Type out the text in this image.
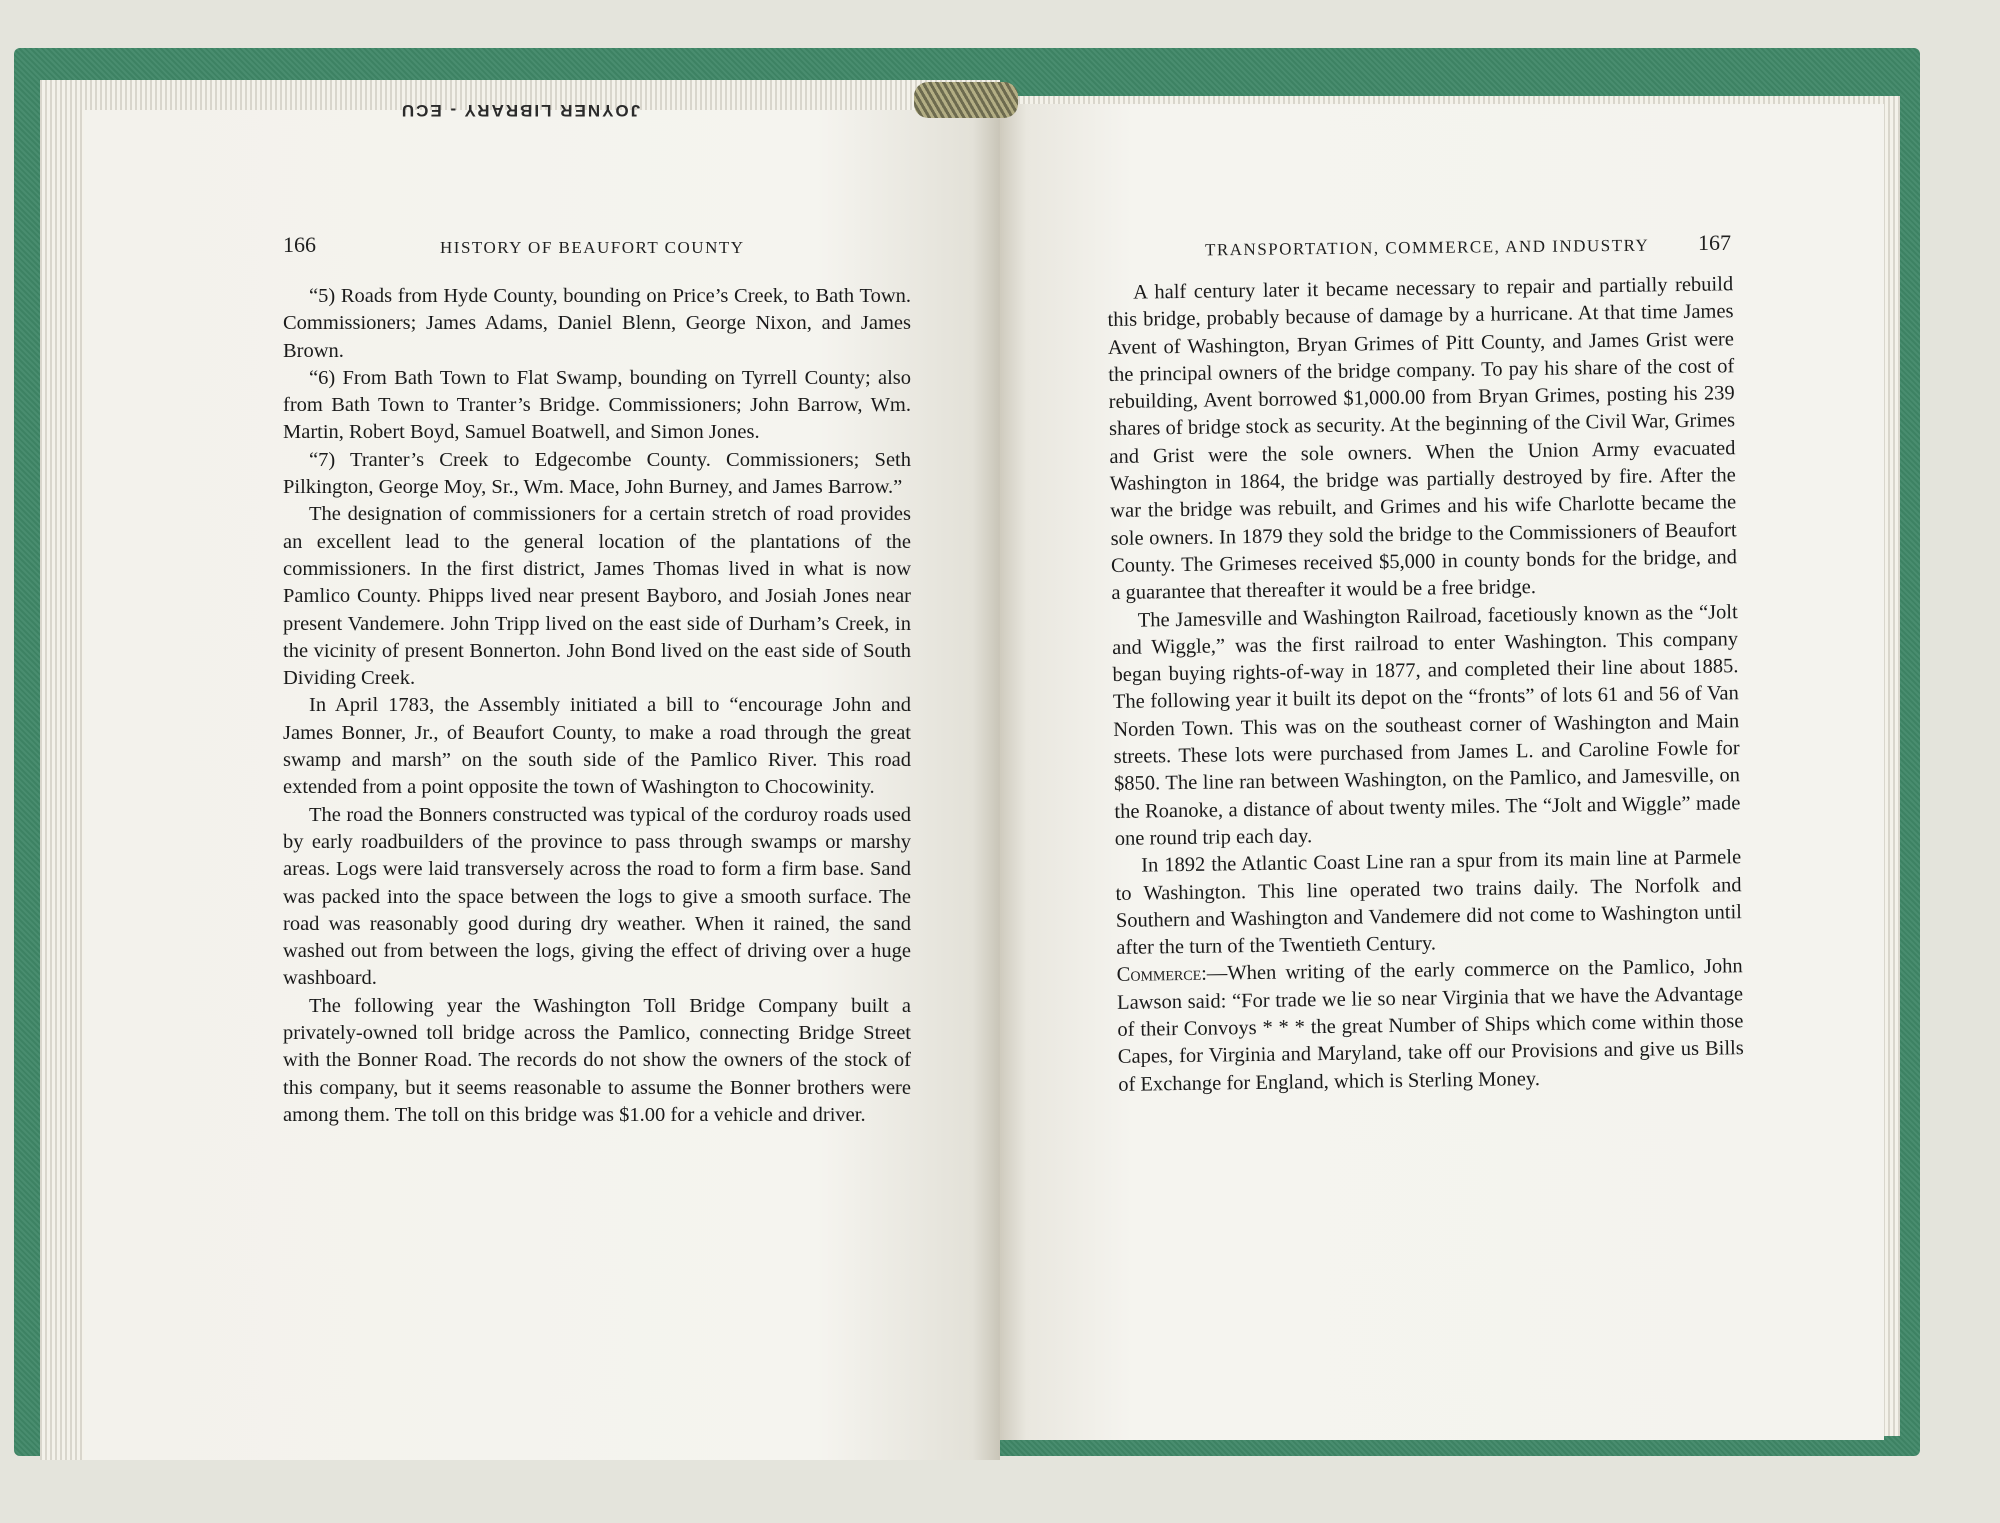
JOYNER LIBRARY - ECU
166	HISTORY OF BEAUFORT COUNTY

“5) Roads from Hyde County, bounding on Price’s Creek, to Bath Town. Commissioners; James Adams, Daniel Blenn, George Nixon, and James Brown.

“6) From Bath Town to Flat Swamp, bounding on Tyrrell County; also from Bath Town to Tranter’s Bridge. Commissioners; John Barrow, Wm. Martin, Robert Boyd, Samuel Boatwell, and Simon Jones.

“7) Tranter’s Creek to Edgecombe County. Commissioners; Seth Pilkington, George Moy, Sr., Wm. Mace, John Burney, and James Barrow.”

The designation of commissioners for a certain stretch of road provides an excellent lead to the general location of the plantations of the commissioners. In the first district, James Thomas lived in what is now Pamlico County. Phipps lived near present Bayboro, and Josiah Jones near present Vandemere. John Tripp lived on the east side of Durham’s Creek, in the vicinity of present Bonnerton. John Bond lived on the east side of South Dividing Creek.

In April 1783, the Assembly initiated a bill to “encourage John and James Bonner, Jr., of Beaufort County, to make a road through the great swamp and marsh” on the south side of the Pamlico River. This road extended from a point opposite the town of Washington to Chocowinity.

The road the Bonners constructed was typical of the corduroy roads used by early roadbuilders of the province to pass through swamps or marshy areas. Logs were laid transversely across the road to form a firm base. Sand was packed into the space between the logs to give a smooth surface. The road was reasonably good during dry weather. When it rained, the sand washed out from between the logs, giving the effect of driving over a huge washboard.

The following year the Washington Toll Bridge Company built a privately-owned toll bridge across the Pamlico, connecting Bridge Street with the Bonner Road. The records do not show the owners of the stock of this company, but it seems reasonable to assume the Bonner brothers were among them. The toll on this bridge was $1.00 for a vehicle and driver.

TRANSPORTATION, COMMERCE, AND INDUSTRY 167

A half century later it became necessary to repair and partially rebuild this bridge, probably because of damage by a hurricane. At that time James Avent of Washington, Bryan Grimes of Pitt County, and James Grist were the principal owners of the bridge company. To pay his share of the cost of rebuilding, Avent borrowed $1,000.00 from Bryan Grimes, posting his 239 shares of bridge stock as security. At the beginning of the Civil War, Grimes and Grist were the sole owners. When the Union Army evacuated Washington in 1864, the bridge was partially destroyed by fire. After the war the bridge was rebuilt, and Grimes and his wife Charlotte became the sole owners. In 1879 they sold the bridge to the Commissioners of Beaufort County. The Grimeses received $5,000 in county bonds for the bridge, and a guarantee that thereafter it would be a free bridge.

The Jamesville and Washington Railroad, facetiously known as the “Jolt and Wiggle,” was the first railroad to enter Washington. This company began buying rights-of-way in 1877, and completed their line about 1885. The following year it built its depot on the “fronts” of lots 61 and 56 of Van Norden Town. This was on the southeast corner of Washington and Main streets. These lots were purchased from James L. and Caroline Fowle for $850. The line ran between Washington, on the Pamlico, and Jamesville, on the Roanoke, a distance of about twenty miles. The “Jolt and Wiggle” made one round trip each day.

In 1892 the Atlantic Coast Line ran a spur from its main line at Parmele to Washington. This line operated two trains daily. The Norfolk and Southern and Washington and Vandemere did not come to Washington until after the turn of the Twentieth Century.

Commerce:—When writing of the early commerce on the Pamlico, John Lawson said: “For trade we lie so near Virginia that we have the Advantage of their Convoys * * * the great Number of Ships which come within those Capes, for Virginia and Maryland, take off our Provisions and give us Bills of Exchange for England, which is Sterling Money.
